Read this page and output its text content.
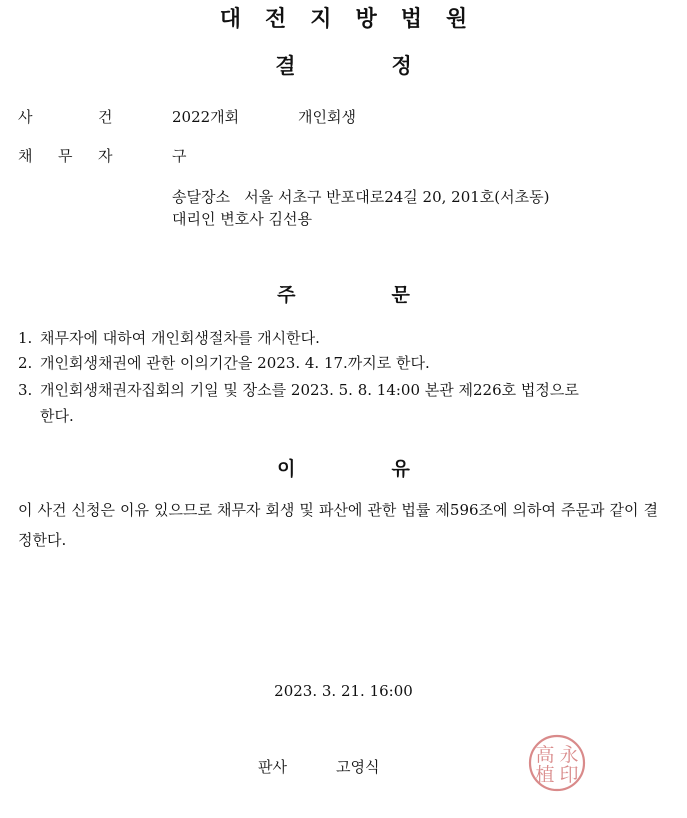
대전지방법원
결	정
사	건	2022개회	개인회생
채 무 자	구
송달장소   서울 서초구 반포대로24길 20, 201호(서초동)
대리인 변호사 김선용
주	문
1. 채무자에 대하여 개인회생절차를 개시한다.
2. 개인회생채권에 관한 이의기간을 2023. 4. 17.까지로 한다.
3. 개인회생채권자집회의 기일 및 장소를 2023. 5. 8. 14:00 본관 제226호 법정으로
한다.
이	유
이 사건 신청은 이유 있으므로 채무자 회생 및 파산에 관한 법률 제596조에 의하여 주문과 같이 결정한다.
2023. 3. 21. 16:00
판사	고영식
永
高
印
植
